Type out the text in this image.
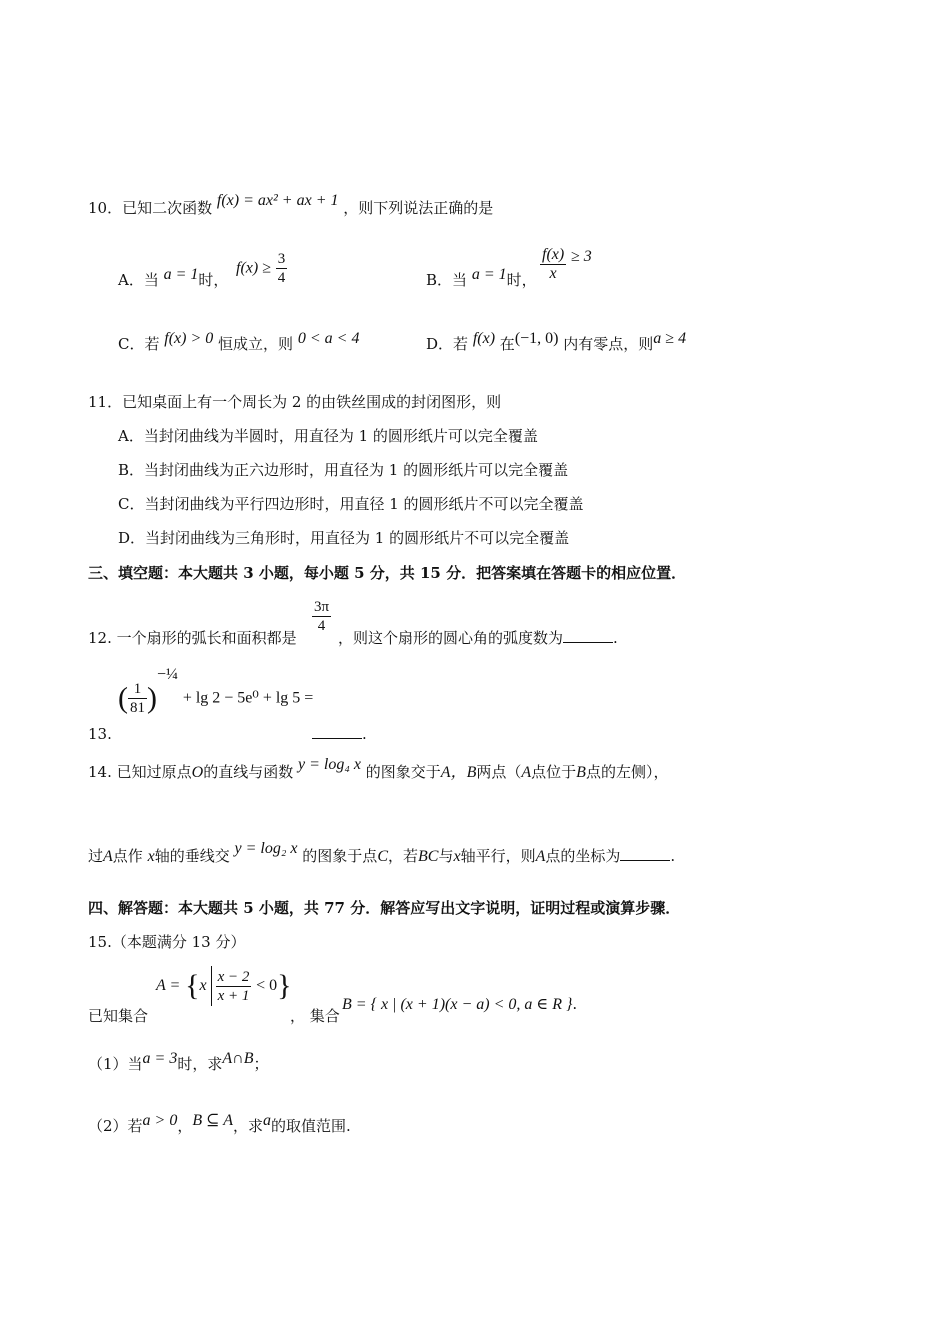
10．已知二次函数 f(x) = ax² + ax + 1 ，则下列说法正确的是
A．当 a = 1时，
$f(x) \ge \frac{3}{4}$	B．当 a = 1时， $\frac{f(x)}{x} \ge 3$
C．若 f(x) > 0 恒成立，则 0 < a < 4	D．若 f(x) 在(−1, 0) 内有零点，则a ≥ 4
11．已知桌面上有一个周长为 2 的由铁丝围成的封闭图形，则
A．当封闭曲线为半圆时，用直径为 1 的圆形纸片可以完全覆盖
B．当封闭曲线为正六边形时，用直径为 1 的圆形纸片可以完全覆盖
C．当封闭曲线为平行四边形时，用直径 1 的圆形纸片不可以完全覆盖
D．当封闭曲线为三角形时，用直径为 1 的圆形纸片不可以完全覆盖
三、填空题：本大题共 3 小题，每小题 5 分，共 15 分．把答案填在答题卡的相应位置．
12. 一个扇形的弧长和面积都是
$\frac{3\pi}{4}$
，则这个扇形的圆心角的弧度数为	.
13.
( $\frac{1}{81} )^{-\frac{1}{4}} + \lg 2 - 5e^0 + \lg 5$ =
.
14. 已知过原点O的直线与函数 y = log₄ x 的图象交于A，B两点（A点位于B点的左侧），
过A点作 x轴的垂线交 y = log₂ x 的图象于点C，若BC与x轴平行，则A点的坐标为	.
四、解答题：本大题共 5 小题，共 77 分．解答应写出文字说明，证明过程或演算步骤．
15.（本题满分 13 分）
已知集合
$A = \{x \frac{x - 2}{x + 1} < 0\}$
， 集合
B = { x | (x + 1)(x − a) < 0, a ∈ R }.
（1）当a = 3时，求A∩B；
（2）若a > 0，B ⊆ A，求a的取值范围.
